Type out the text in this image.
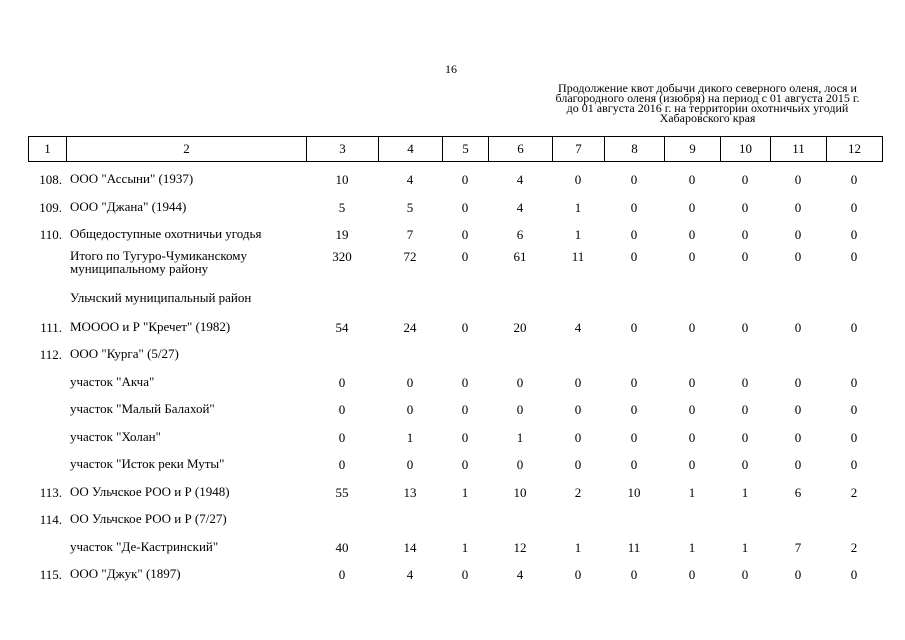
16
Продолжение квот добычи дикого северного оленя, лося и
благородного оленя (изюбря) на период с 01 августа 2015 г.
до 01 августа 2016 г. на территории охотничьих угодий
Хабаровского края
1	2	3	4	5	6	7	8	9	10	11	12
108.	ООО "Ассыни" (1937)	10	4	0	4	0	0	0	0	0	0
109.	ООО "Джана" (1944)	5	5	0	4	1	0	0	0	0	0
110.	Общедоступные охотничьи угодья	19	7	0	6	1	0	0	0	0	0
	Итого по Тугуро-Чумиканскому муниципальному району	320	72	0	61	11	0	0	0	0	0
	Ульчский муниципальный район										
111.	МОООО и Р "Кречет" (1982)	54	24	0	20	4	0	0	0	0	0
112.	ООО "Курга" (5/27)										
	участок "Акча"	0	0	0	0	0	0	0	0	0	0
	участок "Малый Балахой"	0	0	0	0	0	0	0	0	0	0
	участок "Холан"	0	1	0	1	0	0	0	0	0	0
	участок "Исток реки Муты"	0	0	0	0	0	0	0	0	0	0
113.	ОО Ульчское РОО и Р (1948)	55	13	1	10	2	10	1	1	6	2
114.	ОО Ульчское РОО и Р (7/27)										
	участок "Де-Кастринский"	40	14	1	12	1	11	1	1	7	2
115.	ООО "Джук" (1897)	0	4	0	4	0	0	0	0	0	0
